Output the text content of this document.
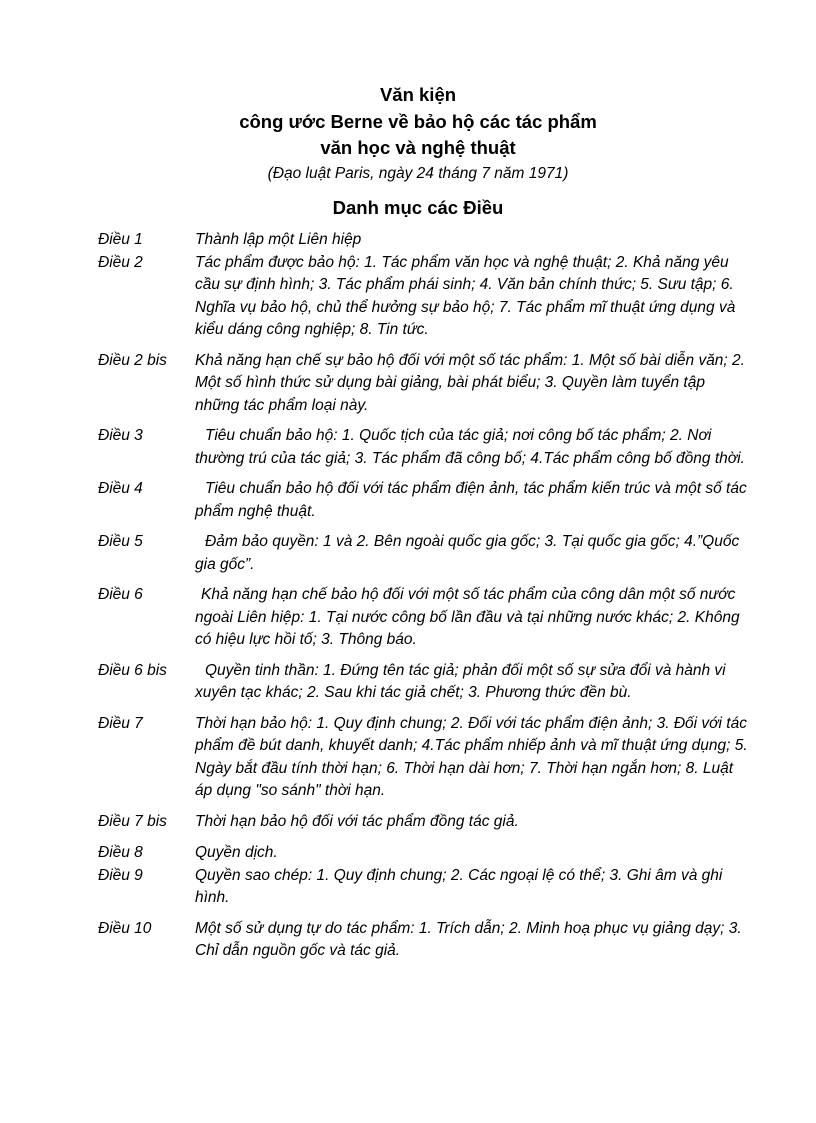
Văn kiện
công ước Berne về bảo hộ các tác phẩm
văn học và nghệ thuật
(Đạo luật Paris, ngày 24 tháng 7 năm 1971)
Danh mục các Điều
Điều 1	Thành lập một Liên hiệp
Điều 2	Tác phẩm được bảo hộ: 1. Tác phẩm văn học và nghệ thuật; 2. Khả năng yêu cầu sự định hình; 3. Tác phẩm phái sinh; 4. Văn bản chính thức; 5. Sưu tập; 6. Nghĩa vụ bảo hộ, chủ thể hưởng sự bảo hộ; 7. Tác phẩm mĩ thuật ứng dụng và kiểu dáng công nghiệp; 8. Tin tức.
Điều 2 bis Khả năng hạn chế sự bảo hộ đối với một số tác phẩm: 1. Một số bài diễn văn; 2. Một số hình thức sử dụng bài giảng, bài phát biểu; 3. Quyền làm tuyển tập những tác phẩm loại này.
Điều 3	Tiêu chuẩn bảo hộ: 1. Quốc tịch của tác giả; nơi công bố tác phẩm; 2. Nơi thường trú của tác giả; 3. Tác phẩm đã công bố; 4.Tác phẩm công bố đồng thời.
Điều 4	Tiêu chuẩn bảo hộ đối với tác phẩm điện ảnh, tác phẩm kiến trúc và một số tác phẩm nghệ thuật.
Điều 5	Đảm bảo quyền: 1 và 2. Bên ngoài quốc gia gốc; 3. Tại quốc gia gốc; 4.”Quốc gia gốc”.
Điều 6	Khả năng hạn chế bảo hộ đối với một số tác phẩm của công dân một số nước ngoài Liên hiệp: 1. Tại nước công bố lần đầu và tại những nước khác; 2. Không có hiệu lực hồi tố; 3. Thông báo.
Điều 6 bis	Quyền tinh thần: 1. Đứng tên tác giả; phản đối một số sự sửa đổi và hành vi xuyên tạc khác; 2. Sau khi tác giả chết; 3. Phương thức đền bù.
Điều 7	Thời hạn bảo hộ: 1. Quy định chung; 2. Đối với tác phẩm điện ảnh; 3. Đối với tác phẩm đề bút danh, khuyết danh; 4.Tác phẩm nhiếp ảnh và mĩ thuật ứng dụng; 5. Ngày bắt đầu tính thời hạn; 6. Thời hạn dài hơn; 7. Thời hạn ngắn hơn; 8. Luật áp dụng "so sánh" thời hạn.
Điều 7 bis Thời hạn bảo hộ đối với tác phẩm đồng tác giả.
Điều 8	Quyền dịch.
Điều 9	Quyền sao chép: 1. Quy định chung; 2. Các ngoại lệ có thể; 3. Ghi âm và ghi hình.
Điều 10	Một số sử dụng tự do tác phẩm: 1. Trích dẫn; 2. Minh hoạ phục vụ giảng dạy; 3. Chỉ dẫn nguồn gốc và tác giả.
